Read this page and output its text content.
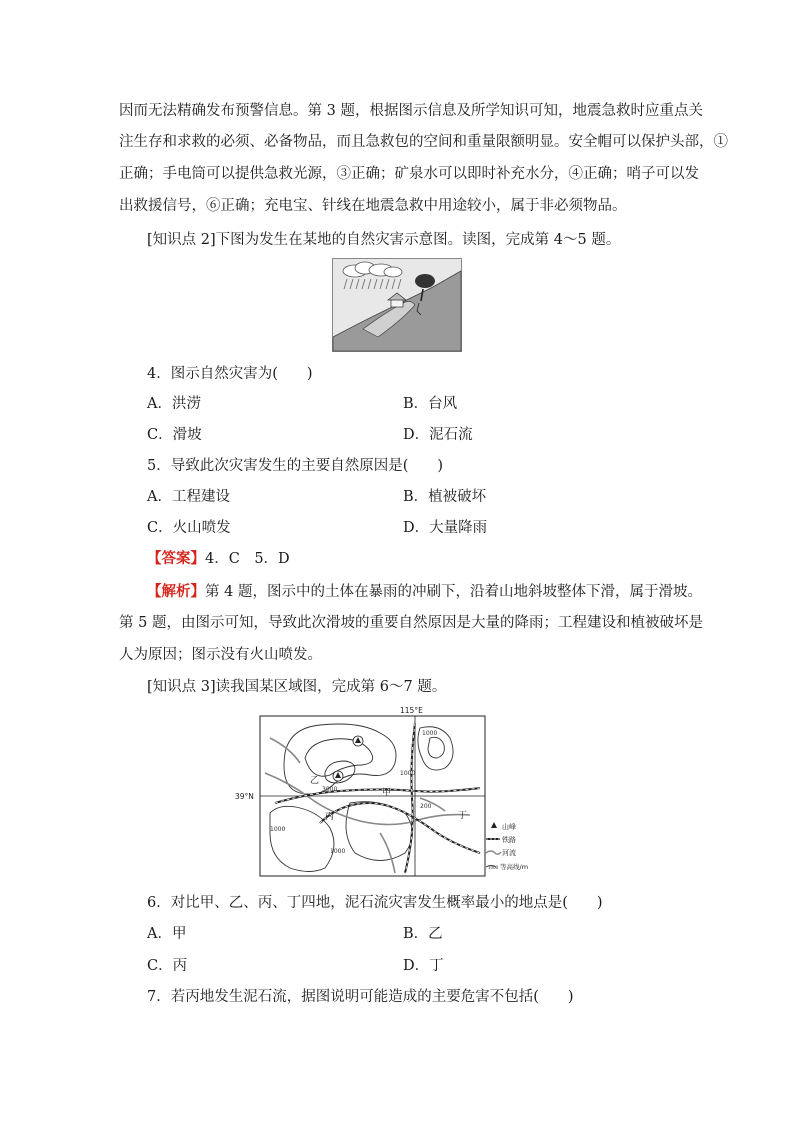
因而无法精确发布预警信息。第 3 题，根据图示信息及所学知识可知，地震急救时应重点关
注生存和求救的必须、必备物品，而且急救包的空间和重量限额明显。安全帽可以保护头部，①
正确；手电筒可以提供急救光源，③正确；矿泉水可以即时补充水分，④正确；哨子可以发
出救援信号，⑥正确；充电宝、针线在地震急救中用途较小，属于非必须物品。
[知识点 2]下图为发生在某地的自然灾害示意图。读图，完成第 4～5 题。
4．图示自然灾害为(　　)
A．洪涝	B．台风
C．滑坡	D．泥石流
5．导致此次灾害发生的主要自然原因是(　　)
A．工程建设	B．植被破坏
C．火山喷发	D．大量降雨
【答案】4．C　5．D
【解析】第 4 题，图示中的土体在暴雨的冲刷下，沿着山地斜坡整体下滑，属于滑坡。
第 5 题，由图示可知，导致此次滑坡的重要自然原因是大量的降雨；工程建设和植被破坏是
人为原因；图示没有火山喷发。
[知识点 3]读我国某区域图，完成第 6～7 题。
115°E
39°N
1000
1000
3000
200
1000
1000
甲
乙
丙	丁
山峰
铁路
河流
1000 等高线/m
6．对比甲、乙、丙、丁四地，泥石流灾害发生概率最小的地点是(　　)
A．甲	B．乙
C．丙	D．丁
7．若丙地发生泥石流，据图说明可能造成的主要危害不包括(　　)
